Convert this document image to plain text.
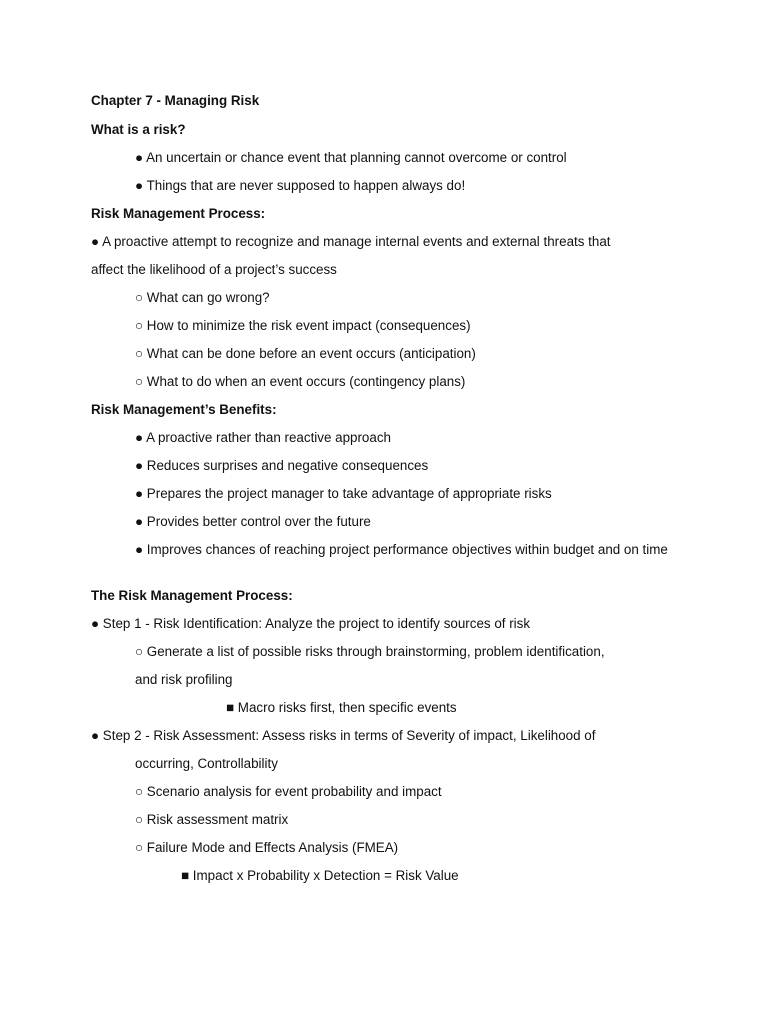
Chapter 7 - Managing Risk
What is a risk?
● An uncertain or chance event that planning cannot overcome or control
● Things that are never supposed to happen always do!
Risk Management Process:
● A proactive attempt to recognize and manage internal events and external threats that
affect the likelihood of a project’s success
○ What can go wrong?
○ How to minimize the risk event impact (consequences)
○ What can be done before an event occurs (anticipation)
○ What to do when an event occurs (contingency plans)
Risk Management’s Benefits:
● A proactive rather than reactive approach
● Reduces surprises and negative consequences
● Prepares the project manager to take advantage of appropriate risks
● Provides better control over the future
● Improves chances of reaching project performance objectives within budget and on time
The Risk Management Process:
● Step 1 - Risk Identification: Analyze the project to identify sources of risk
○ Generate a list of possible risks through brainstorming, problem identification,
and risk profiling
■ Macro risks first, then specific events
● Step 2 - Risk Assessment: Assess risks in terms of Severity of impact, Likelihood of
occurring, Controllability
○ Scenario analysis for event probability and impact
○ Risk assessment matrix
○ Failure Mode and Effects Analysis (FMEA)
■ Impact x Probability x Detection = Risk Value
